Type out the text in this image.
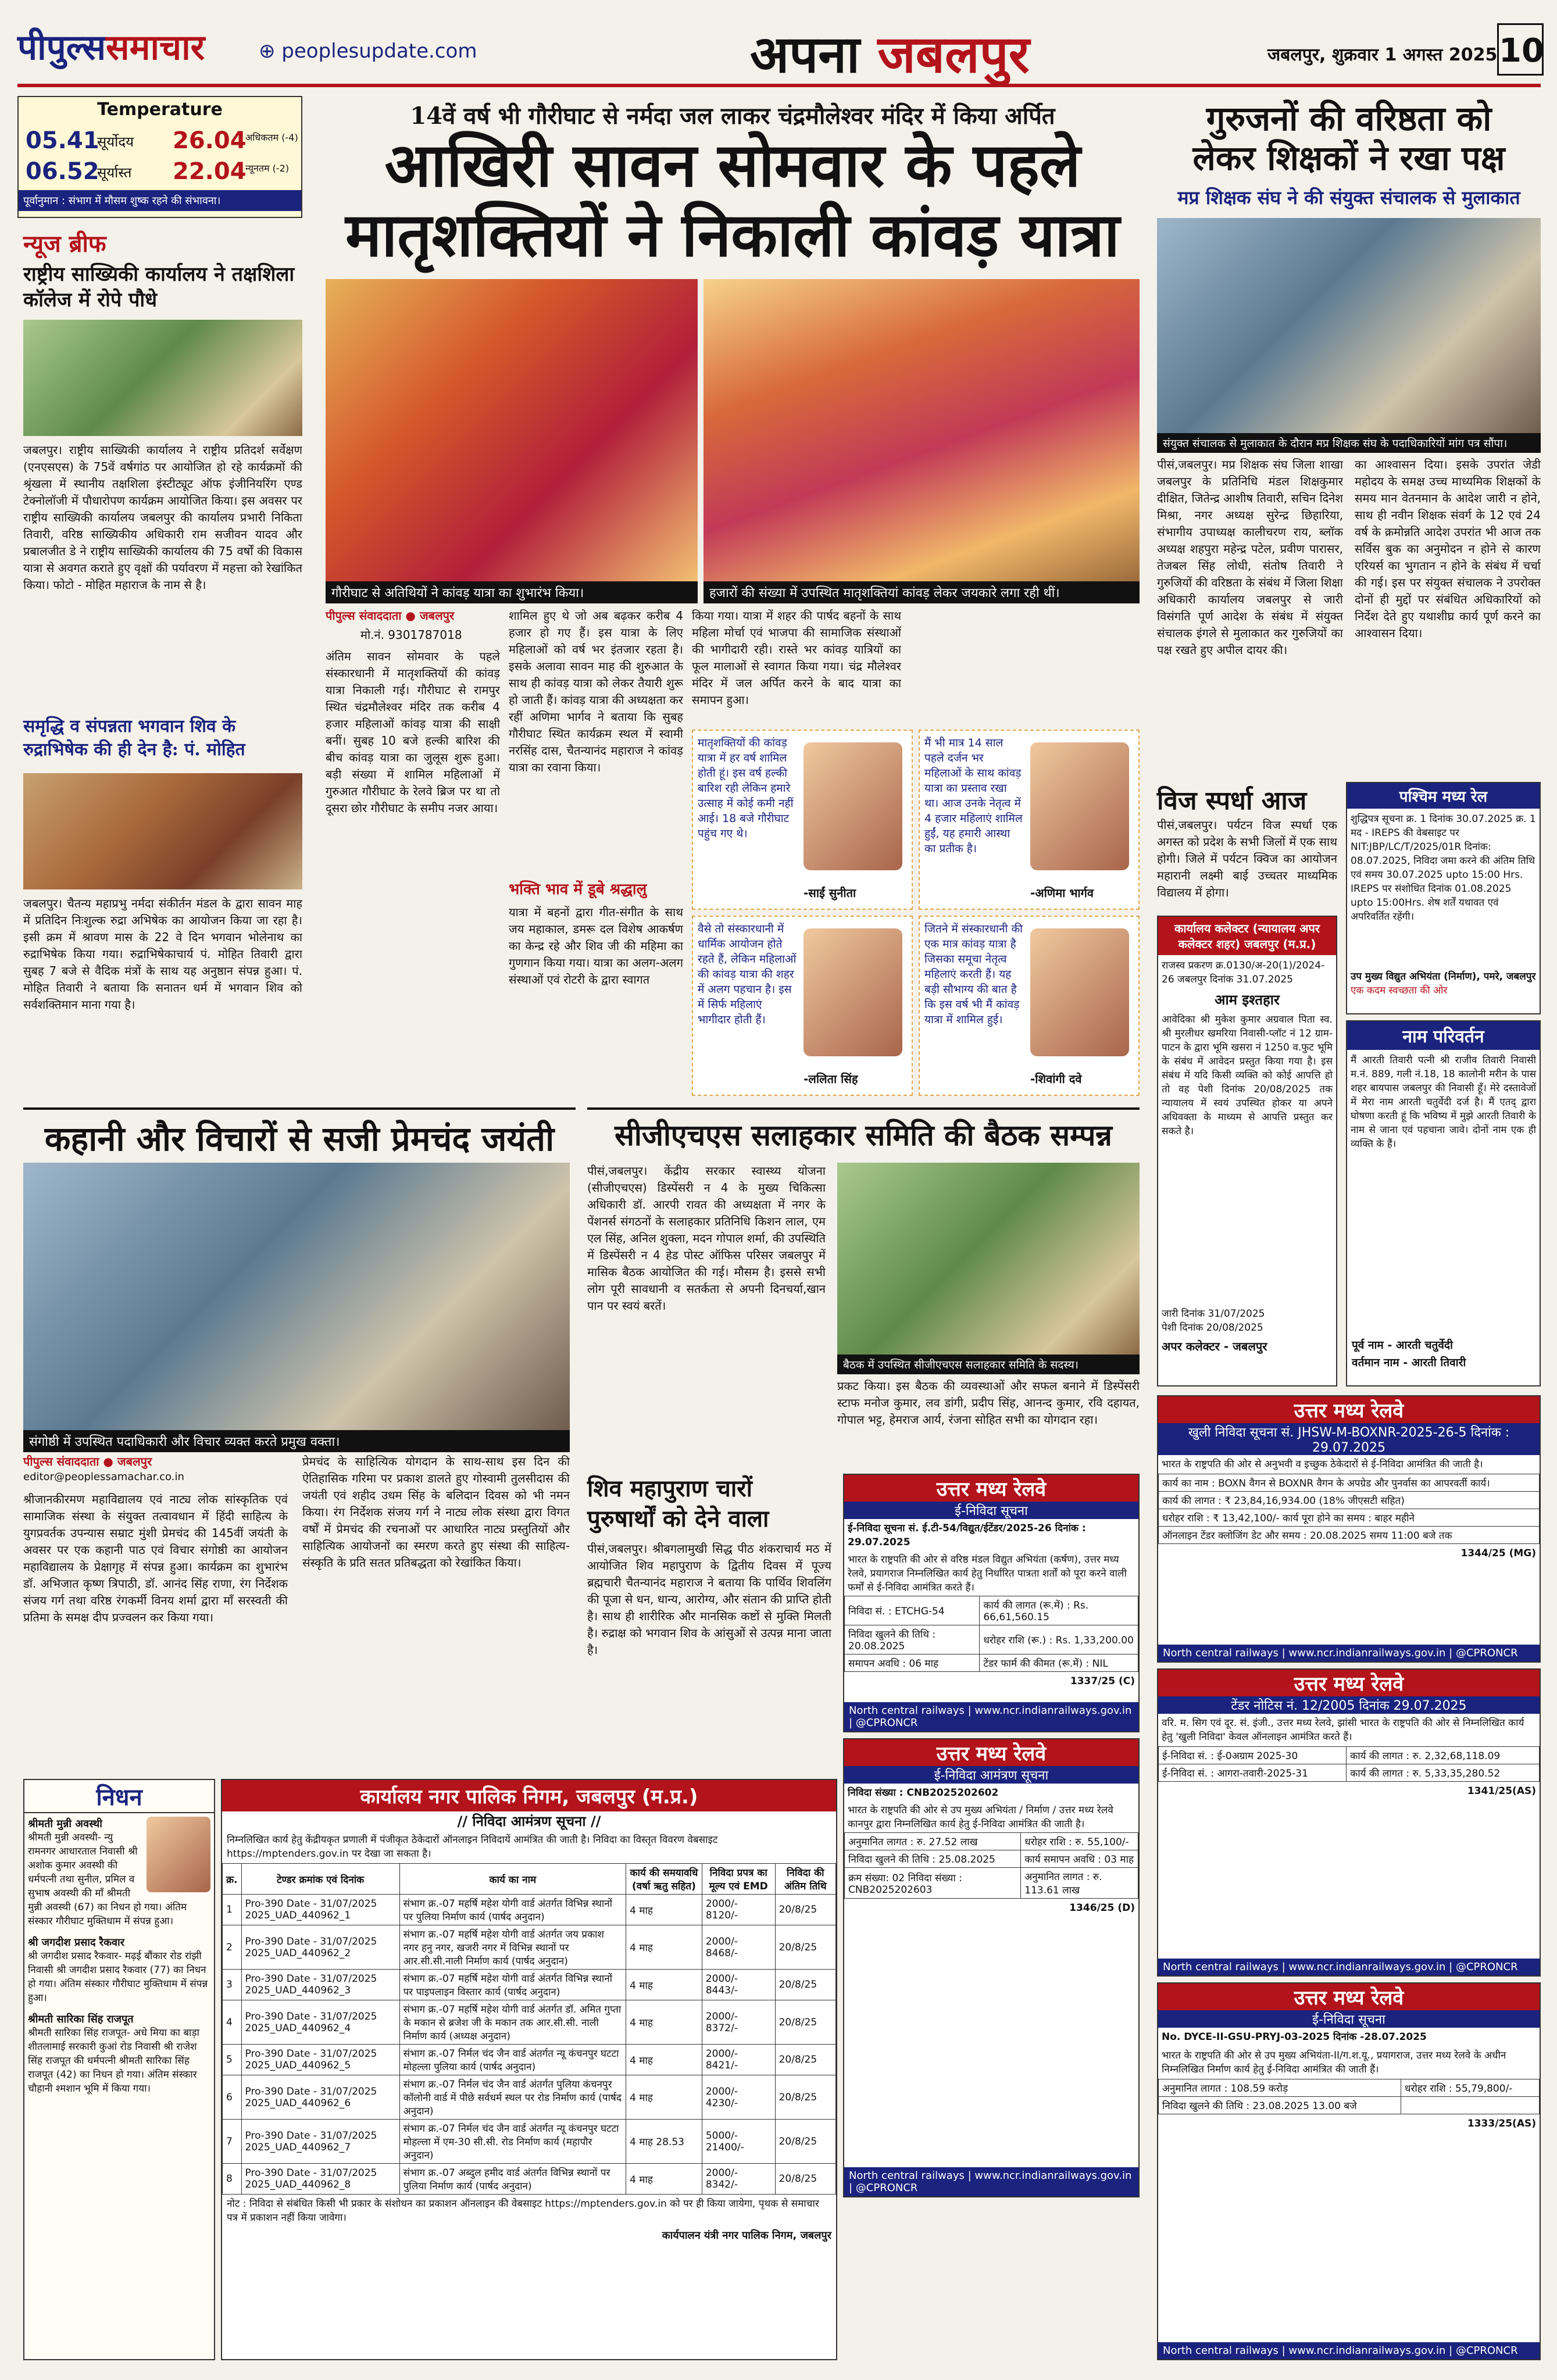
पीपुल्ससमाचार	⊕ peoplesupdate.com	अपना जबलपुर	जबलपुर, शुक्रवार 1 अगस्त 2025 10
Temperature
05.41
सूर्योदय
06.52
सूर्यास्त
26.04
अधिकतम (-4)
22.04
न्यूनतम (-2)
पूर्वानुमान : संभाग में मौसम शुष्क रहने की संभावना।
न्यूज ब्रीफ
राष्ट्रीय साख्यिकी कार्यालय ने तक्षशिला कॉलेज में रोपे पौधे
जबलपुर। राष्ट्रीय साख्यिकी कार्यालय ने राष्ट्रीय प्रतिदर्श सर्वेक्षण (एनएसएस) के 75वें वर्षगांठ पर आयोजित हो रहे कार्यक्रमों की श्रृंखला में स्थानीय तक्षशिला इंस्टीट्यूट ऑफ इंजीनियरिंग एण्ड टेक्नोलॉजी में पौधारोपण कार्यक्रम आयोजित किया। इस अवसर पर राष्ट्रीय साख्यिकी कार्यालय जबलपुर की कार्यालय प्रभारी निकिता तिवारी, वरिष्ठ साख्यिकीय अधिकारी राम सजीवन यादव और प्रबालजीत डे ने राष्ट्रीय साख्यिकी कार्यालय की 75 वर्षों की विकास यात्रा से अवगत कराते हुए वृक्षों की पर्यावरण में महत्ता को रेखांकित किया। फोटो - मोहित महाराज के नाम से है।
समृद्धि व संपन्नता भगवान शिव के रुद्राभिषेक की ही देन है: पं. मोहित
जबलपुर। चैतन्य महाप्रभु नर्मदा संकीर्तन मंडल के द्वारा सावन माह में प्रतिदिन निःशुल्क रुद्रा अभिषेक का आयोजन किया जा रहा है। इसी क्रम में श्रावण मास के 22 वे दिन भगवान भोलेनाथ का रुद्राभिषेक किया गया। रुद्राभिषेकाचार्य पं. मोहित तिवारी द्वारा सुबह 7 बजे से वैदिक मंत्रों के साथ यह अनुष्ठान संपन्न हुआ। पं. मोहित तिवारी ने बताया कि सनातन धर्म में भगवान शिव को सर्वशक्तिमान माना गया है।
14वें वर्ष भी गौरीघाट से नर्मदा जल लाकर चंद्रमौलेश्वर मंदिर में किया अर्पित
आखिरी सावन सोमवार के पहले
मातृशक्तियों ने निकाली कांवड़ यात्रा
गौरीघाट से अतिथियों ने कांवड़ यात्रा का शुभारंभ किया।	हजारों की संख्या में उपस्थित मातृशक्तियां कांवड़ लेकर जयकारे लगा रही थीं।
पीपुल्स संवाददाता ● जबलपुर
मो.नं. 9301787018
अंतिम सावन सोमवार के पहले संस्कारधानी में मातृशक्तियों की कांवड़ यात्रा निकाली गई। गौरीघाट से रामपुर स्थित चंद्रमौलेश्वर मंदिर तक करीब 4 हजार महिलाओं कांवड़ यात्रा की साक्षी बनीं। सुबह 10 बजे हल्की बारिश की बीच कांवड़ यात्रा का जुलूस शुरू हुआ। बड़ी संख्या में शामिल महिलाओं में गुरुआत गौरीघाट के रेलवे ब्रिज पर था तो दूसरा छोर गौरीघाट के समीप नजर आया।
शामिल हुए थे जो अब बढ़कर करीब 4 हजार हो गए हैं। इस यात्रा के लिए महिलाओं को वर्ष भर इंतजार रहता है। इसके अलावा सावन माह की शुरुआत के साथ ही कांवड़ यात्रा को लेकर तैयारी शुरू हो जाती हैं। कांवड़ यात्रा की अध्यक्षता कर रहीं अणिमा भार्गव ने बताया कि सुबह गौरीघाट स्थित कार्यक्रम स्थल में स्वामी नरसिंह दास, चैतन्यानंद महाराज ने कांवड़ यात्रा का रवाना किया।
भक्ति भाव में डूबे श्रद्धालु
यात्रा में बहनों द्वारा गीत-संगीत के साथ जय महाकाल, डमरू दल विशेष आकर्षण का केन्द्र रहे और शिव जी की महिमा का गुणगान किया गया। यात्रा का अलग-अलग संस्थाओं एवं रोटरी के द्वारा स्वागत
किया गया। यात्रा में शहर की पार्षद बहनों के साथ महिला मोर्चा एवं भाजपा की सामाजिक संस्थाओं की भागीदारी रही। रास्ते भर कांवड़ यात्रियों का फूल मालाओं से स्वागत किया गया। चंद्र मौलेश्वर मंदिर में जल अर्पित करने के बाद यात्रा का समापन हुआ।
मातृशक्तियों की कांवड़ यात्रा में हर वर्ष शामिल होती हूं। इस वर्ष हल्की बारिश रही लेकिन हमारे उत्साह में कोई कमी नहीं आई। 18 बजे गौरीघाट पहुंच गए थे।
-साईं सुनीता
मैं भी मात्र 14 साल पहले दर्जन भर महिलाओं के साथ कांवड़ यात्रा का प्रस्ताव रखा था। आज उनके नेतृत्व में 4 हजार महिलाएं शामिल हुईं, यह हमारी आस्था का प्रतीक है।
-अणिमा भार्गव
वैसे तो संस्कारधानी में धार्मिक आयोजन होते रहते हैं, लेकिन महिलाओं की कांवड़ यात्रा की शहर में अलग पहचान है। इस में सिर्फ महिलाएं भागीदार होती हैं।
-ललिता सिंह
जितने में संस्कारधानी की एक मात्र कांवड़ यात्रा है जिसका समूचा नेतृत्व महिलाएं करती हैं। यह बड़ी सौभाग्य की बात है कि इस वर्ष भी मैं कांवड़ यात्रा में शामिल हुई।
-शिवांगी दवे
गुरुजनों की वरिष्ठता को
लेकर शिक्षकों ने रखा पक्ष
मप्र शिक्षक संघ ने की संयुक्त संचालक से मुलाकात
संयुक्त संचालक से मुलाकात के दौरान मप्र शिक्षक संघ के पदाधिकारियों मांग पत्र सौंपा।
पीसं,जबलपुर। मप्र शिक्षक संघ जिला शाखा जबलपुर के प्रतिनिधि मंडल शिक्षकुमार दीक्षित, जितेन्द्र आशीष तिवारी, सचिन दिनेश मिश्रा, नगर अध्यक्ष सुरेन्द्र छिहारिया, संभागीय उपाध्यक्ष कालीचरण राय, ब्लॉक अध्यक्ष शहपुरा महेन्द्र पटेल, प्रवीण पारासर, तेजबल सिंह लोधी, संतोष तिवारी ने गुरुजियों की वरिष्ठता के संबंध में जिला शिक्षा अधिकारी कार्यालय जबलपुर से जारी विसंगति पूर्ण आदेश के संबंध में संयुक्त संचालक इंगले से मुलाकात कर गुरुजियों का पक्ष रखते हुए अपील दायर की।
का आश्वासन दिया। इसके उपरांत जेडी महोदय के समक्ष उच्च माध्यमिक शिक्षकों के समय मान वेतनमान के आदेश जारी न होने, साथ ही नवीन शिक्षक संवर्ग के 12 एवं 24 वर्ष के क्रमोन्नति आदेश उपरांत भी आज तक सर्विस बुक का अनुमोदन न होने से कारण एरियर्स का भुगतान न होने के संबंध में चर्चा की गई। इस पर संयुक्त संचालक ने उपरोक्त दोनों ही मुद्दों पर संबंधित अधिकारियों को निर्देश देते हुए यथाशीघ्र कार्य पूर्ण करने का आश्वासन दिया।
विज स्पर्धा आज
पीसं,जबलपुर। पर्यटन विज स्पर्धा एक अगस्त को प्रदेश के सभी जिलों में एक साथ होगी। जिले में पर्यटन क्विज का आयोजन महारानी लक्ष्मी बाई उच्चतर माध्यमिक विद्यालय में होगा।
कार्यालय कलेक्टर (न्यायालय अपर कलेक्टर शहर) जबलपुर (म.प्र.)
राजस्व प्रकरण क्र.0130/अ-20(1)/2024-26 जबलपुर दिनांक 31.07.2025
आम इश्तहार
आवेदिका श्री मुकेश कुमार अग्रवाल पिता स्व. श्री मुरलीधर खमरिया निवासी-प्लॉट नं 12 ग्राम-पाटन के द्वारा भूमि खसरा नं 1250 व.फुट भूमि के संबंध में आवेदन प्रस्तुत किया गया है। इस संबंध में यदि किसी व्यक्ति को कोई आपत्ति हो तो वह पेशी दिनांक 20/08/2025 तक न्यायालय में स्वयं उपस्थित होकर या अपने अधिवक्ता के माध्यम से आपत्ति प्रस्तुत कर सकते है।
जारी दिनांक 31/07/2025
पेशी दिनांक 20/08/2025
अपर कलेक्टर - जबलपुर
पश्चिम मध्य रेल
शुद्धिपत्र सूचना क्र. 1 दिनांक 30.07.2025 क्र. 1 मद - IREPS की वेबसाइट पर NIT:JBP/LC/T/2025/01R दिनांक: 08.07.2025, निविदा जमा करने की अंतिम तिथि एवं समय 30.07.2025 upto 15:00 Hrs. IREPS पर संशोधित दिनांक 01.08.2025 upto 15:00Hrs. शेष शर्तें यथावत एवं अपरिवर्तित रहेंगी।
उप मुख्य विद्युत अभियंता (निर्माण), पमरे, जबलपुर
एक कदम स्वच्छता की ओर
नाम परिवर्तन
मैं आरती तिवारी पत्नी श्री राजीव तिवारी निवासी म.नं. 889, गली नं.18, 18 कालोनी मरीन के पास शहर बायपास जबलपुर की निवासी हूँ। मेरे दस्तावेजों में मेरा नाम आरती चतुर्वेदी दर्ज है। मैं एतद् द्वारा घोषणा करती हूं कि भविष्य में मुझे आरती तिवारी के नाम से जाना एवं पहचाना जावे। दोनों नाम एक ही व्यक्ति के हैं।
पूर्व नाम - आरती चतुर्वेदी
वर्तमान नाम - आरती तिवारी
कहानी और विचारों से सजी प्रेमचंद जयंती
संगोष्ठी में उपस्थित पदाधिकारी और विचार व्यक्त करते प्रमुख वक्ता।
पीपुल्स संवाददाता ● जबलपुर
editor@peoplessamachar.co.in
श्रीजानकीरमण महाविद्यालय एवं नाट्य लोक सांस्कृतिक एवं सामाजिक संस्था के संयुक्त तत्वावधान में हिंदी साहित्य के युगप्रवर्तक उपन्यास सम्राट मुंशी प्रेमचंद की 145वीं जयंती के अवसर पर एक कहानी पाठ एवं विचार संगोष्ठी का आयोजन महाविद्यालय के प्रेक्षागृह में संपन्न हुआ। कार्यक्रम का शुभारंभ डॉ. अभिजात कृष्ण त्रिपाठी, डॉ. आनंद सिंह राणा, रंग निर्देशक संजय गर्ग तथा वरिष्ठ रंगकर्मी विनय शर्मा द्वारा माँ सरस्वती की प्रतिमा के समक्ष दीप प्रज्वलन कर किया गया।
प्रेमचंद के साहित्यिक योगदान के साथ-साथ इस दिन की ऐतिहासिक गरिमा पर प्रकाश डालते हुए गोस्वामी तुलसीदास की जयंती एवं शहीद उधम सिंह के बलिदान दिवस को भी नमन किया। रंग निर्देशक संजय गर्ग ने नाट्य लोक संस्था द्वारा विगत वर्षों में प्रेमचंद की रचनाओं पर आधारित नाट्य प्रस्तुतियों और साहित्यिक आयोजनों का स्मरण करते हुए संस्था की साहित्य-संस्कृति के प्रति सतत प्रतिबद्धता को रेखांकित किया।
सीजीएचएस सलाहकार समिति की बैठक सम्पन्न
पीसं,जबलपुर। केंद्रीय सरकार स्वास्थ्य योजना (सीजीएचएस) डिस्पेंसरी न 4 के मुख्य चिकित्सा अधिकारी डॉ. आरपी रावत की अध्यक्षता में नगर के पेंशनर्स संगठनों के सलाहकार प्रतिनिधि किशन लाल, एम एल सिंह, अनिल शुक्ला, मदन गोपाल शर्मा, की उपस्थिति में डिस्पेंसरी न 4 हेड पोस्ट ऑफिस परिसर जबलपुर में मासिक बैठक आयोजित की गई। मौसम है। इससे सभी लोग पूरी सावधानी व सतर्कता से अपनी दिनचर्या,खान पान पर स्वयं बरतें।
बैठक में उपस्थित सीजीएचएस सलाहकार समिति के सदस्य।
प्रकट किया। इस बैठक की व्यवस्थाओं और सफल बनाने में डिस्पेंसरी स्टाफ मनोज कुमार, लव डांगी, प्रदीप सिंह, आनन्द कुमार, रवि दहायत, गोपाल भट्ट, हेमराज आर्य, रंजना सोहित सभी का योगदान रहा।
शिव महापुराण चारों
पुरुषार्थों को देने वाला
पीसं,जबलपुर। श्रीबगलामुखी सिद्ध पीठ शंकराचार्य मठ में आयोजित शिव महापुराण के द्वितीय दिवस में पूज्य ब्रह्मचारी चैतन्यानंद महाराज ने बताया कि पार्थिव शिवलिंग की पूजा से धन, धान्य, आरोग्य, और संतान की प्राप्ति होती है। साथ ही शारीरिक और मानसिक कष्टों से मुक्ति मिलती है। रुद्राक्ष को भगवान शिव के आंसुओं से उत्पन्न माना जाता है।
उत्तर मध्य रेलवे
ई-निविदा सूचना
ई-निविदा सूचना सं. ई.टी-54/विद्युत/ईटेंडर/2025-26 दिनांक : 29.07.2025
भारत के राष्ट्रपति की ओर से वरिष्ठ मंडल विद्युत अभियंता (कर्षण), उत्तर मध्य रेलवे, प्रयागराज निम्नलिखित कार्य हेतु निर्धारित पात्रता शर्तों को पूरा करने वाली फर्मों से ई-निविदा आमंत्रित करते हैं।
निविदा सं. : ETCHG-54	कार्य की लागत (रू.में) : Rs. 66,61,560.15
निविदा खुलने की तिथि : 20.08.2025	धरोहर राशि (रू.) : Rs. 1,33,200.00
समापन अवधि : 06 माह	टेंडर फार्म की कीमत (रू.में) : NIL
1337/25 (C)
North central railways | www.ncr.indianrailways.gov.in | @CPRONCR
उत्तर मध्य रेलवे
ई-निविदा आमंत्रण सूचना
निविदा संख्या : CNB2025202602
भारत के राष्ट्रपति की ओर से उप मुख्य अभियंता / निर्माण / उत्तर मध्य रेलवे कानपुर द्वारा निम्नलिखित कार्य हेतु ई-निविदा आमंत्रित की जाती है।
अनुमानित लागत : रु. 27.52 लाख	धरोहर राशि : रु. 55,100/-
निविदा खुलने की तिथि : 25.08.2025	कार्य समापन अवधि : 03 माह
क्रम संख्या: 02 निविदा संख्या : CNB2025202603	अनुमानित लागत : रु. 113.61 लाख
1346/25 (D)
North central railways | www.ncr.indianrailways.gov.in | @CPRONCR
निधन
श्रीमती मुन्नी अवस्थी
श्रीमती मुन्नी अवस्थी- न्यु रामनगर आधारताल निवासी श्री अशोक कुमार अवस्थी की धर्मपत्नी तथा सुनील, प्रमिल व सुभाष अवस्थी की माँ श्रीमती मुन्नी अवस्थी (67) का निधन हो गया। अंतिम संस्कार गौरीघाट मुक्तिधाम में संपन्न हुआ।
श्री जगदीश प्रसाद रैकवार
श्री जगदीश प्रसाद रैकवार- मढ़ई बौंकार रोड रांझी निवासी श्री जगदीश प्रसाद रैकवार (77) का निधन हो गया। अंतिम संस्कार गौरीघाट मुक्तिधाम में संपन्न हुआ।
श्रीमती सारिका सिंह राजपूत
श्रीमती सारिका सिंह राजपूत- अधे मिया का बाड़ा शीतलामाई सरकारी कुआं रोड निवासी श्री राजेश सिंह राजपूत की धर्मपत्नी श्रीमती सारिका सिंह राजपूत (42) का निधन हो गया। अंतिम संस्कार चौहानी श्मशान भूमि में किया गया।
कार्यालय नगर पालिक निगम, जबलपुर (म.प्र.)
// निविदा आमंत्रण सूचना //
निम्नलिखित कार्य हेतु केंद्रीयकृत प्रणाली में पंजीकृत ठेकेदारों ऑनलाइन निविदायें आमंत्रित की जाती है। निविदा का विस्तृत विवरण वेबसाइट https://mptenders.gov.in पर देखा जा सकता है।
क्र.	टेण्डर क्रमांक एवं दिनांक	कार्य का नाम	कार्य की समयावधि (वर्षा ऋतु सहित)	निविदा प्रपत्र का मूल्य एवं EMD	निविदा की अंतिम तिथि
1	Pro-390 Date - 31/07/2025 2025_UAD_440962_1	संभाग क्र.-07 महर्षि महेश योगी वार्ड अंतर्गत विभिन्न स्थानों पर पुलिया निर्माण कार्य (पार्षद अनुदान)	4 माह	2000/- 8120/-	20/8/25
2	Pro-390 Date - 31/07/2025 2025_UAD_440962_2	संभाग क्र.-07 महर्षि महेश योगी वार्ड अंतर्गत जय प्रकाश नगर हनु नगर, खजरी नगर में विभिन्न स्थानों पर आर.सी.सी.नाली निर्माण कार्य (पार्षद अनुदान)	4 माह	2000/- 8468/-	20/8/25
3	Pro-390 Date - 31/07/2025 2025_UAD_440962_3	संभाग क्र.-07 महर्षि महेश योगी वार्ड अंतर्गत विभिन्न स्थानों पर पाइपलाइन विस्तार कार्य (पार्षद अनुदान)	4 माह	2000/- 8443/-	20/8/25
4	Pro-390 Date - 31/07/2025 2025_UAD_440962_4	संभाग क्र.-07 महर्षि महेश योगी वार्ड अंतर्गत डॉ. अमित गुप्ता के मकान से ब्रजेश जी के मकान तक आर.सी.सी. नाली निर्माण कार्य (अध्यक्ष अनुदान)	4 माह	2000/- 8372/-	20/8/25
5	Pro-390 Date - 31/07/2025 2025_UAD_440962_5	संभाग क्र.-07 निर्मल चंद जैन वार्ड अंतर्गत न्यू कंचनपुर घटटा मोहल्ला पुलिया कार्य (पार्षद अनुदान)	4 माह	2000/- 8421/-	20/8/25
6	Pro-390 Date - 31/07/2025 2025_UAD_440962_6	संभाग क्र.-07 निर्मल चंद जैन वार्ड अंतर्गत पुलिया कंचनपुर कॉलोनी वार्ड में पीछे सर्वधर्म स्थल पर रोड निर्माण कार्य (पार्षद अनुदान)	4 माह	2000/- 4230/-	20/8/25
7	Pro-390 Date - 31/07/2025 2025_UAD_440962_7	संभाग क्र.-07 निर्मल चंद जैन वार्ड अंतर्गत न्यू कंचनपुर घटटा मोहल्ला में एम-30 सी.सी. रोड निर्माण कार्य (महापौर अनुदान)	4 माह 28.53	5000/- 21400/-	20/8/25
8	Pro-390 Date - 31/07/2025 2025_UAD_440962_8	संभाग क्र.-07 अब्दुल हमीद वार्ड अंतर्गत विभिन्न स्थानों पर पुलिया निर्माण कार्य (पार्षद अनुदान)	4 माह	2000/- 8342/-	20/8/25
नोट : निविदा से संबंधित किसी भी प्रकार के संशोधन का प्रकाशन ऑनलाइन की वेबसाइट https://mptenders.gov.in को पर ही किया जायेगा, पृथक से समाचार पत्र में प्रकाशन नहीं किया जावेगा।
कार्यपालन यंत्री नगर पालिक निगम, जबलपुर
उत्तर मध्य रेलवे
खुली निविदा सूचना सं. JHSW-M-BOXNR-2025-26-5 दिनांक : 29.07.2025
भारत के राष्ट्रपति की ओर से अनुभवी व इच्छुक ठेकेदारों से ई-निविदा आमंत्रित की जाती है।
कार्य का नाम : BOXN वैगन से BOXNR वैगन के अपग्रेड और पुनर्वास का आपरवर्ती कार्य।
कार्य की लागत : ₹ 23,84,16,934.00 (18% जीएसटी सहित)
धरोहर राशि : ₹ 13,42,100/- कार्य पूरा होने का समय : बाहर महीने
ऑनलाइन टेंडर क्लोजिंग डेट और समय : 20.08.2025 समय 11:00 बजे तक
1344/25 (MG)
North central railways | www.ncr.indianrailways.gov.in | @CPRONCR
उत्तर मध्य रेलवे
टेंडर नोटिस नं. 12/2005 दिनांक 29.07.2025
वरि. म. सिग एवं दूर. सं. इंजी., उत्तर मध्य रेलवे, झांसी भारत के राष्ट्रपति की ओर से निम्नलिखित कार्य हेतु 'खुली निविदा' केवल ऑनलाइन आमंत्रित करते हैं।
ई-निविदा सं. : ई-0अग्राम 2025-30	कार्य की लागत : रु. 2,32,68,118.09
ई-निविदा सं. : आगरा-तवारी-2025-31	कार्य की लागत : रु. 5,33,35,280.52
1341/25(AS)
North central railways | www.ncr.indianrailways.gov.in | @CPRONCR
उत्तर मध्य रेलवे
ई-निविदा सूचना
No. DYCE-II-GSU-PRYJ-03-2025 दिनांक -28.07.2025
भारत के राष्ट्रपति की ओर से उप मुख्य अभियंता-II/ग.श.यू., प्रयागराज, उत्तर मध्य रेलवे के अधीन निम्नलिखित निर्माण कार्य हेतु ई-निविदा आमंत्रित की जाती हैं।
अनुमानित लागत : 108.59 करोड़	धरोहर राशि : 55,79,800/-
निविदा खुलने की तिथि : 23.08.2025 13.00 बजे	
1333/25(AS)
North central railways | www.ncr.indianrailways.gov.in | @CPRONCR
